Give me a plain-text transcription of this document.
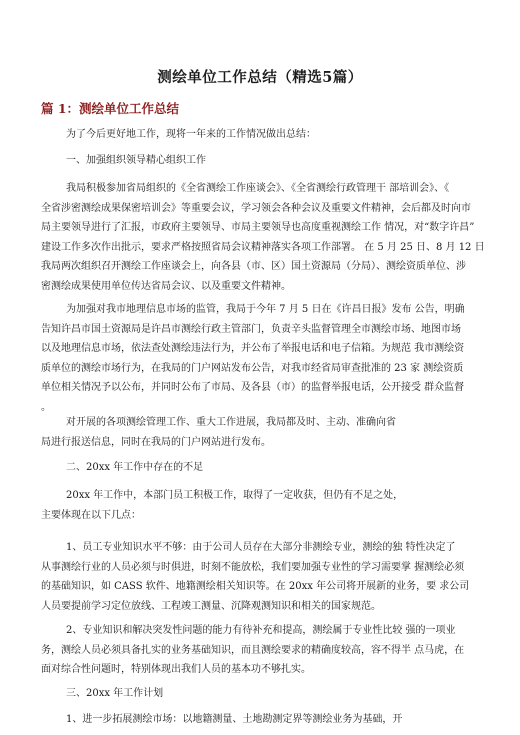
测绘单位工作总结（精选5篇）
篇 1：测绘单位工作总结
为了今后更好地工作，现将一年来的工作情况做出总结：
一、加强组织领导精心组织工作
我局积极参加省局组织的《全省测绘工作座谈会》、《全省测绘行政管理干 部培训会》、《
全省涉密测绘成果保密培训会》等重要会议，学习领会各种会议及重要文件精神，会后都及时向市
局主要领导进行了汇报，市政府主要领导、市局主要领导也高度重视测绘工作 情况，对“数字许昌”
建设工作多次作出批示，要求严格按照省局会议精神落实各项工作部署。 在 5 月 25 日、8 月 12 日
我局两次组织召开测绘工作座谈会上，向各县（市、区）国土资源局（分局）、测绘资质单位、涉
密测绘成果使用单位传达省局会议、以及重要文件精神。
为加强对我市地理信息市场的监管，我局于今年 7 月 5 日在《许昌日报》发布 公告，明确
告知许昌市国土资源局是许昌市测绘行政主管部门，负责辛头监督管理全市测绘市场、地图市场
以及地理信息市场，依法查处测绘违法行为，并公布了举报电话和电子信箱。为规范 我市测绘资
质单位的测绘市场行为，在我局的门户网站发布公告，对我市经省局审查批准的 23 家 测绘资质
单位相关情况予以公布，并同时公布了市局、及各县（市）的监督举报电话，公开接受 群众监督
。
对开展的各项测绘管理工作、重大工作进展，我局都及时、主动、准确向省
局进行报送信息，同时在我局的门户网站进行发布。
二、20xx 年工作中存在的不足
20xx 年工作中，本部门员工积极工作，取得了一定收获，但仍有不足之处，
主要体现在以下几点：
1、员工专业知识水平不够：由于公司人员存在大部分非测绘专业，测绘的独 特性决定了
从事测绘行业的人员必须与时俱进，时刻不能放松，我们要加强专业性的学习需要掌 握测绘必须
的基础知识，如 CASS 软件、地籍测绘相关知识等。在 20xx 年公司将开展新的业务，要 求公司
人员要提前学习定位放线、工程竣工测量、沉降观测知识和相关的国家规范。
2、专业知识和解决突发性问题的能力有待补充和提高，测绘属于专业性比较 强的一项业
务，测绘人员必须具备扎实的业务基础知识，而且测绘要求的精确度较高，容不得半 点马虎，在
面对综合性问题时，特别体现出我们人员的基本功不够扎实。
三、20xx 年工作计划
1、进一步拓展测绘市场：以地籍测量、土地勘测定界等测绘业务为基础，开
